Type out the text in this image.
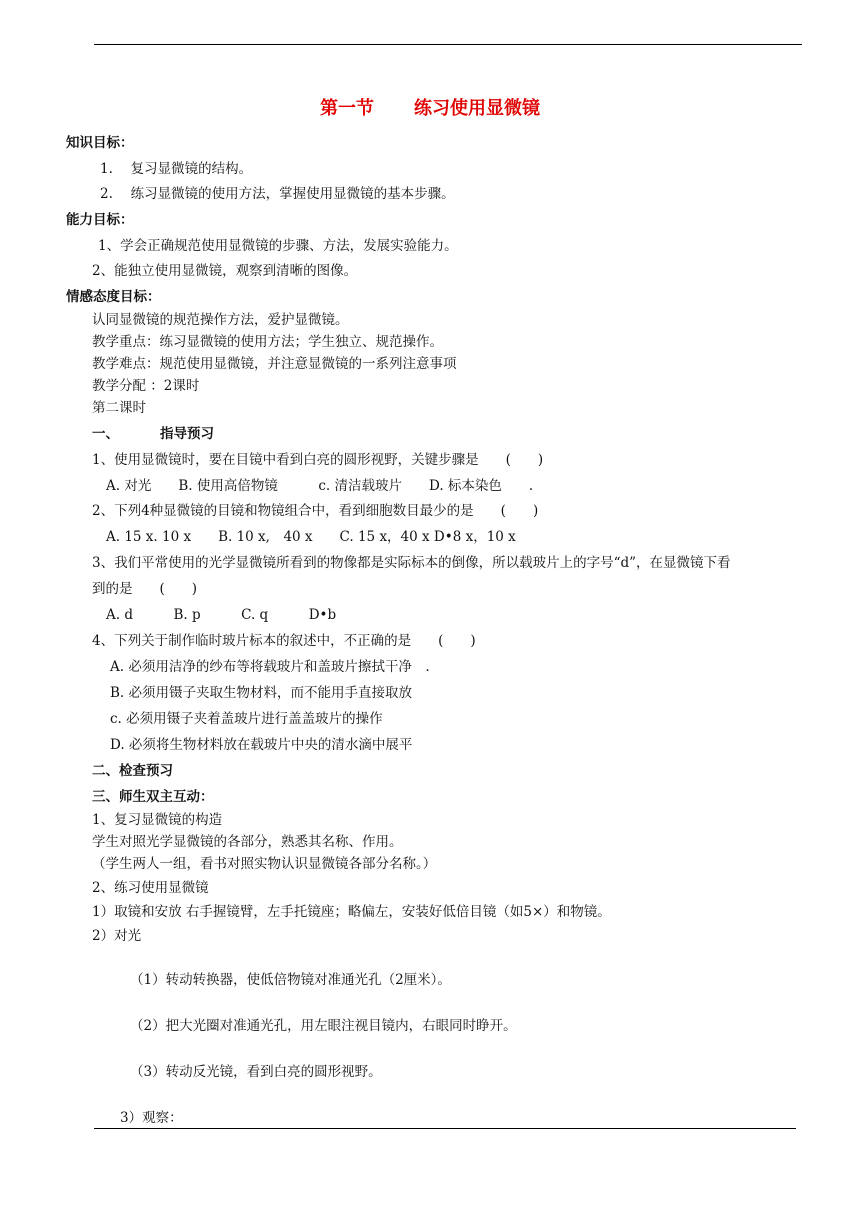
第一节 练习使用显微镜
知识目标：
1.　 复习显微镜的结构。
2.　 练习显微镜的使用方法，掌握使用显微镜的基本步骤。
能力目标：
1、学会正确规范使用显微镜的步骤、方法，发展实验能力。
2、能独立使用显微镜，观察到清晰的图像。
情感态度目标：
认同显微镜的规范操作方法，爱护显微镜。
教学重点：练习显微镜的使用方法；学生独立、规范操作。
教学难点：规范使用显微镜，并注意显微镜的一系列注意事项
教学分配 ：2课时
第二课时
一、	指导预习
1、使用显微镜时，要在目镜中看到白亮的圆形视野，关键步骤是　　(　　)
A. 对光　　B. 使用高倍物镜　　　c. 清洁载玻片　　D. 标本染色　　.
2、下列4种显微镜的目镜和物镜组合中，看到细胞数目最少的是　　(　　)
A. 15 x. 10 x　　B. 10 x,　40 x　　C. 15 x，40 x D•8 x，10 x
3、我们平常使用的光学显微镜所看到的物像都是实际标本的倒像，所以载玻片上的字号“d”，在显微镜下看
到的是　　(　　)
A. d　　　B. p　　　C. q　　　D•b
4、下列关于制作临时玻片标本的叙述中，不正确的是　　(　　)
A. 必须用洁净的纱布等将载玻片和盖玻片擦拭干净　.
B. 必须用镊子夹取生物材料，而不能用手直接取放
c. 必须用镊子夹着盖玻片进行盖盖玻片的操作
D. 必须将生物材料放在载玻片中央的清水滴中展平
二、检查预习
三、师生双主互动：
1、复习显微镜的构造
学生对照光学显微镜的各部分，熟悉其名称、作用。
（学生两人一组，看书对照实物认识显微镜各部分名称。）
2、练习使用显微镜
1）取镜和安放 右手握镜臂，左手托镜座；略偏左，安装好低倍目镜（如5×）和物镜。
2）对光
（1）转动转换器，使低倍物镜对准通光孔（2厘米）。
（2）把大光圈对准通光孔，用左眼注视目镜内，右眼同时睁开。
（3）转动反光镜，看到白亮的圆形视野。
3）观察：
